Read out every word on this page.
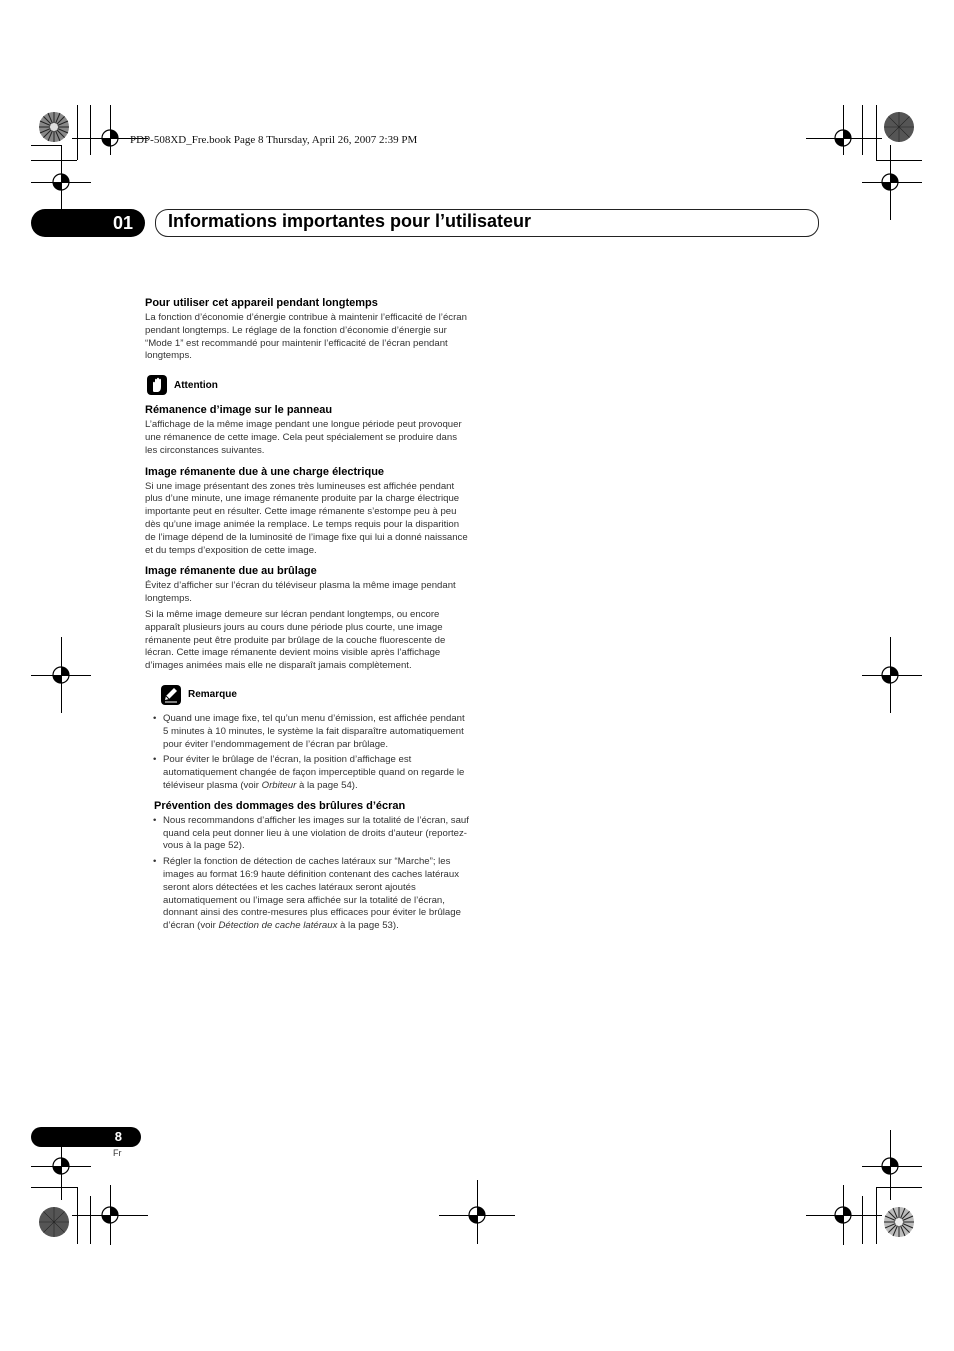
PDP-508XD_Fre.book Page 8 Thursday, April 26, 2007 2:39 PM
01 Informations importantes pour l’utilisateur
Pour utiliser cet appareil pendant longtemps
La fonction d’économie d’énergie contribue à maintenir l’efficacité de l’écran pendant longtemps. Le réglage de la fonction d’économie d’énergie sur “Mode 1” est recommandé pour maintenir l’efficacité de l’écran pendant longtemps.
Attention
Rémanence d’image sur le panneau
L’affichage de la même image pendant une longue période peut provoquer une rémanence de cette image. Cela peut spécialement se produire dans les circonstances suivantes.
Image rémanente due à une charge électrique
Si une image présentant des zones très lumineuses est affichée pendant plus d’une minute, une image rémanente produite par la charge électrique importante peut en résulter. Cette image rémanente s’estompe peu à peu dès qu’une image animée la remplace. Le temps requis pour la disparition de l’image dépend de la luminosité de l’image fixe qui lui a donné naissance et du temps d’exposition de cette image.
Image rémanente due au brûlage
Évitez d’afficher sur l’écran du téléviseur plasma la même image pendant longtemps.
Si la même image demeure sur lécran pendant longtemps, ou encore apparaît plusieurs jours au cours dune période plus courte, une image rémanente peut être produite par brûlage de la couche fluorescente de lécran. Cette image rémanente devient moins visible après l’affichage d’images animées mais elle ne disparaît jamais complètement.
Remarque
• Quand une image fixe, tel qu’un menu d’émission, est affichée pendant 5 minutes à 10 minutes, le système la fait disparaître automatiquement pour éviter l’endommagement de l’écran par brûlage.
• Pour éviter le brûlage de l’écran, la position d’affichage est automatiquement changée de façon imperceptible quand on regarde le téléviseur plasma (voir Orbiteur à la page 54).
Prévention des dommages des brûlures d’écran
• Nous recommandons d’afficher les images sur la totalité de l’écran, sauf quand cela peut donner lieu à une violation de droits d’auteur (reportez-vous à la page 52).
• Régler la fonction de détection de caches latéraux sur “Marche”; les images au format 16:9 haute définition contenant des caches latéraux seront alors détectées et les caches latéraux seront ajoutés automatiquement ou l’image sera affichée sur la totalité de l’écran, donnant ainsi des contre-mesures plus efficaces pour éviter le brûlage d’écran (voir Détection de cache latéraux à la page 53).
8
Fr
